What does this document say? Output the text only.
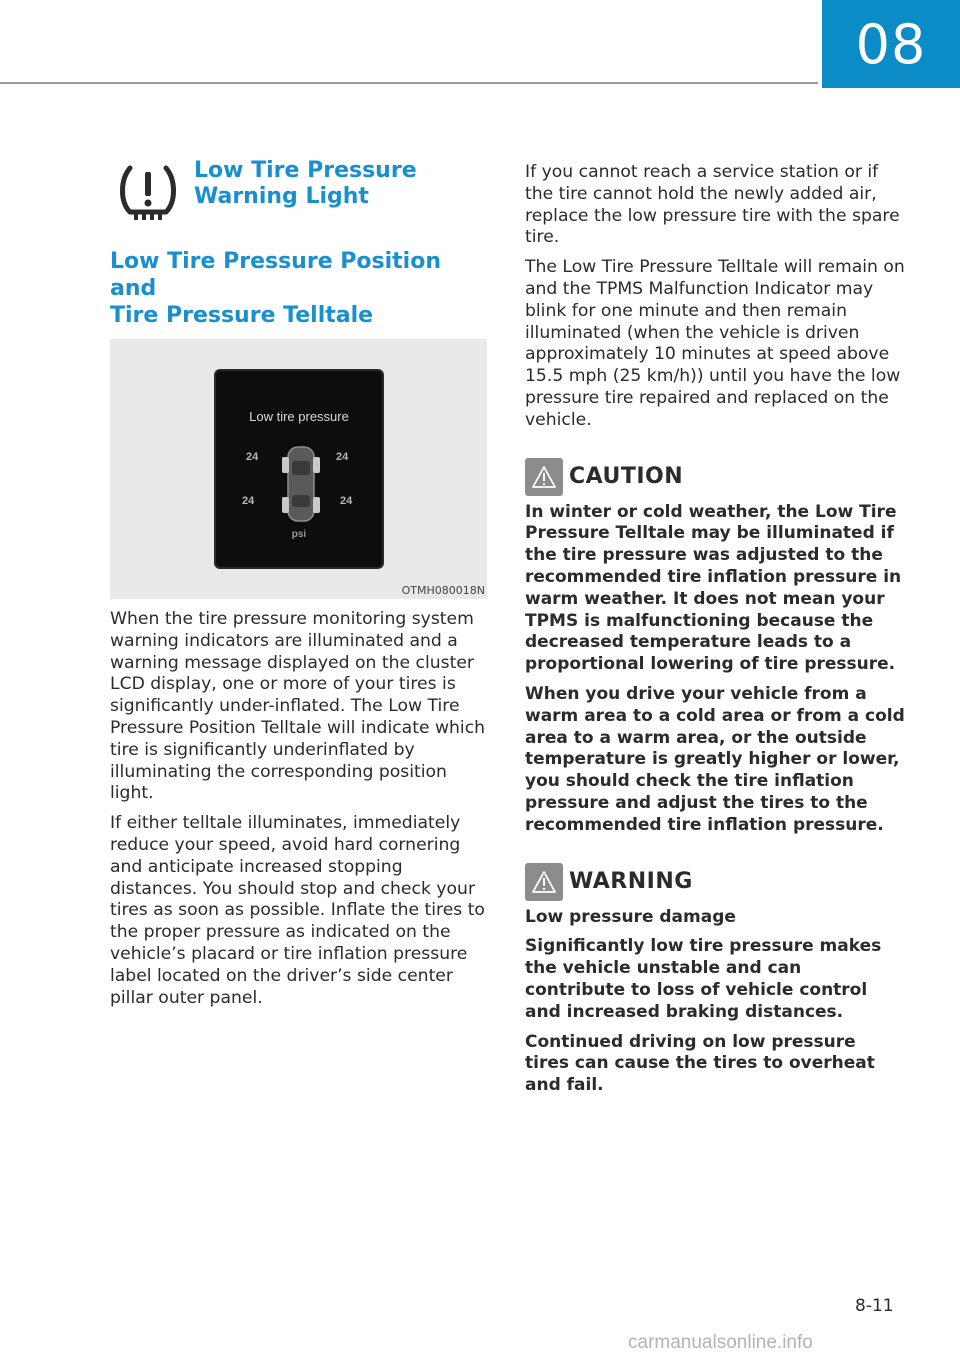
08
Low Tire Pressure
Warning Light
Low Tire Pressure Position and
Tire Pressure Telltale
Low tire pressure
24	24
24	24
psi
OTMH080018N

When the tire pressure monitoring system warning indicators are illuminated and a warning message displayed on the cluster LCD display, one or more of your tires is significantly under-inflated. The Low Tire Pressure Position Telltale will indicate which tire is significantly underinflated by illuminating the corresponding position light.

If either telltale illuminates, immediately reduce your speed, avoid hard cornering and anticipate increased stopping distances. You should stop and check your tires as soon as possible. Inflate the tires to the proper pressure as indicated on the vehicle’s placard or tire inflation pressure label located on the driver’s side center pillar outer panel.

If you cannot reach a service station or if the tire cannot hold the newly added air, replace the low pressure tire with the spare tire.

The Low Tire Pressure Telltale will remain on and the TPMS Malfunction Indicator may blink for one minute and then remain illuminated (when the vehicle is driven approximately 10 minutes at speed above 15.5 mph (25 km/h)) until you have the low pressure tire repaired and replaced on the vehicle.

CAUTION

In winter or cold weather, the Low Tire Pressure Telltale may be illuminated if the tire pressure was adjusted to the recommended tire inflation pressure in warm weather. It does not mean your TPMS is malfunctioning because the decreased temperature leads to a proportional lowering of tire pressure.

When you drive your vehicle from a warm area to a cold area or from a cold area to a warm area, or the outside temperature is greatly higher or lower, you should check the tire inflation pressure and adjust the tires to the recommended tire inflation pressure.

WARNING

Low pressure damage

Significantly low tire pressure makes the vehicle unstable and can contribute to loss of vehicle control and increased braking distances.

Continued driving on low pressure tires can cause the tires to overheat and fail.

8-11
carmanualsonline.info
